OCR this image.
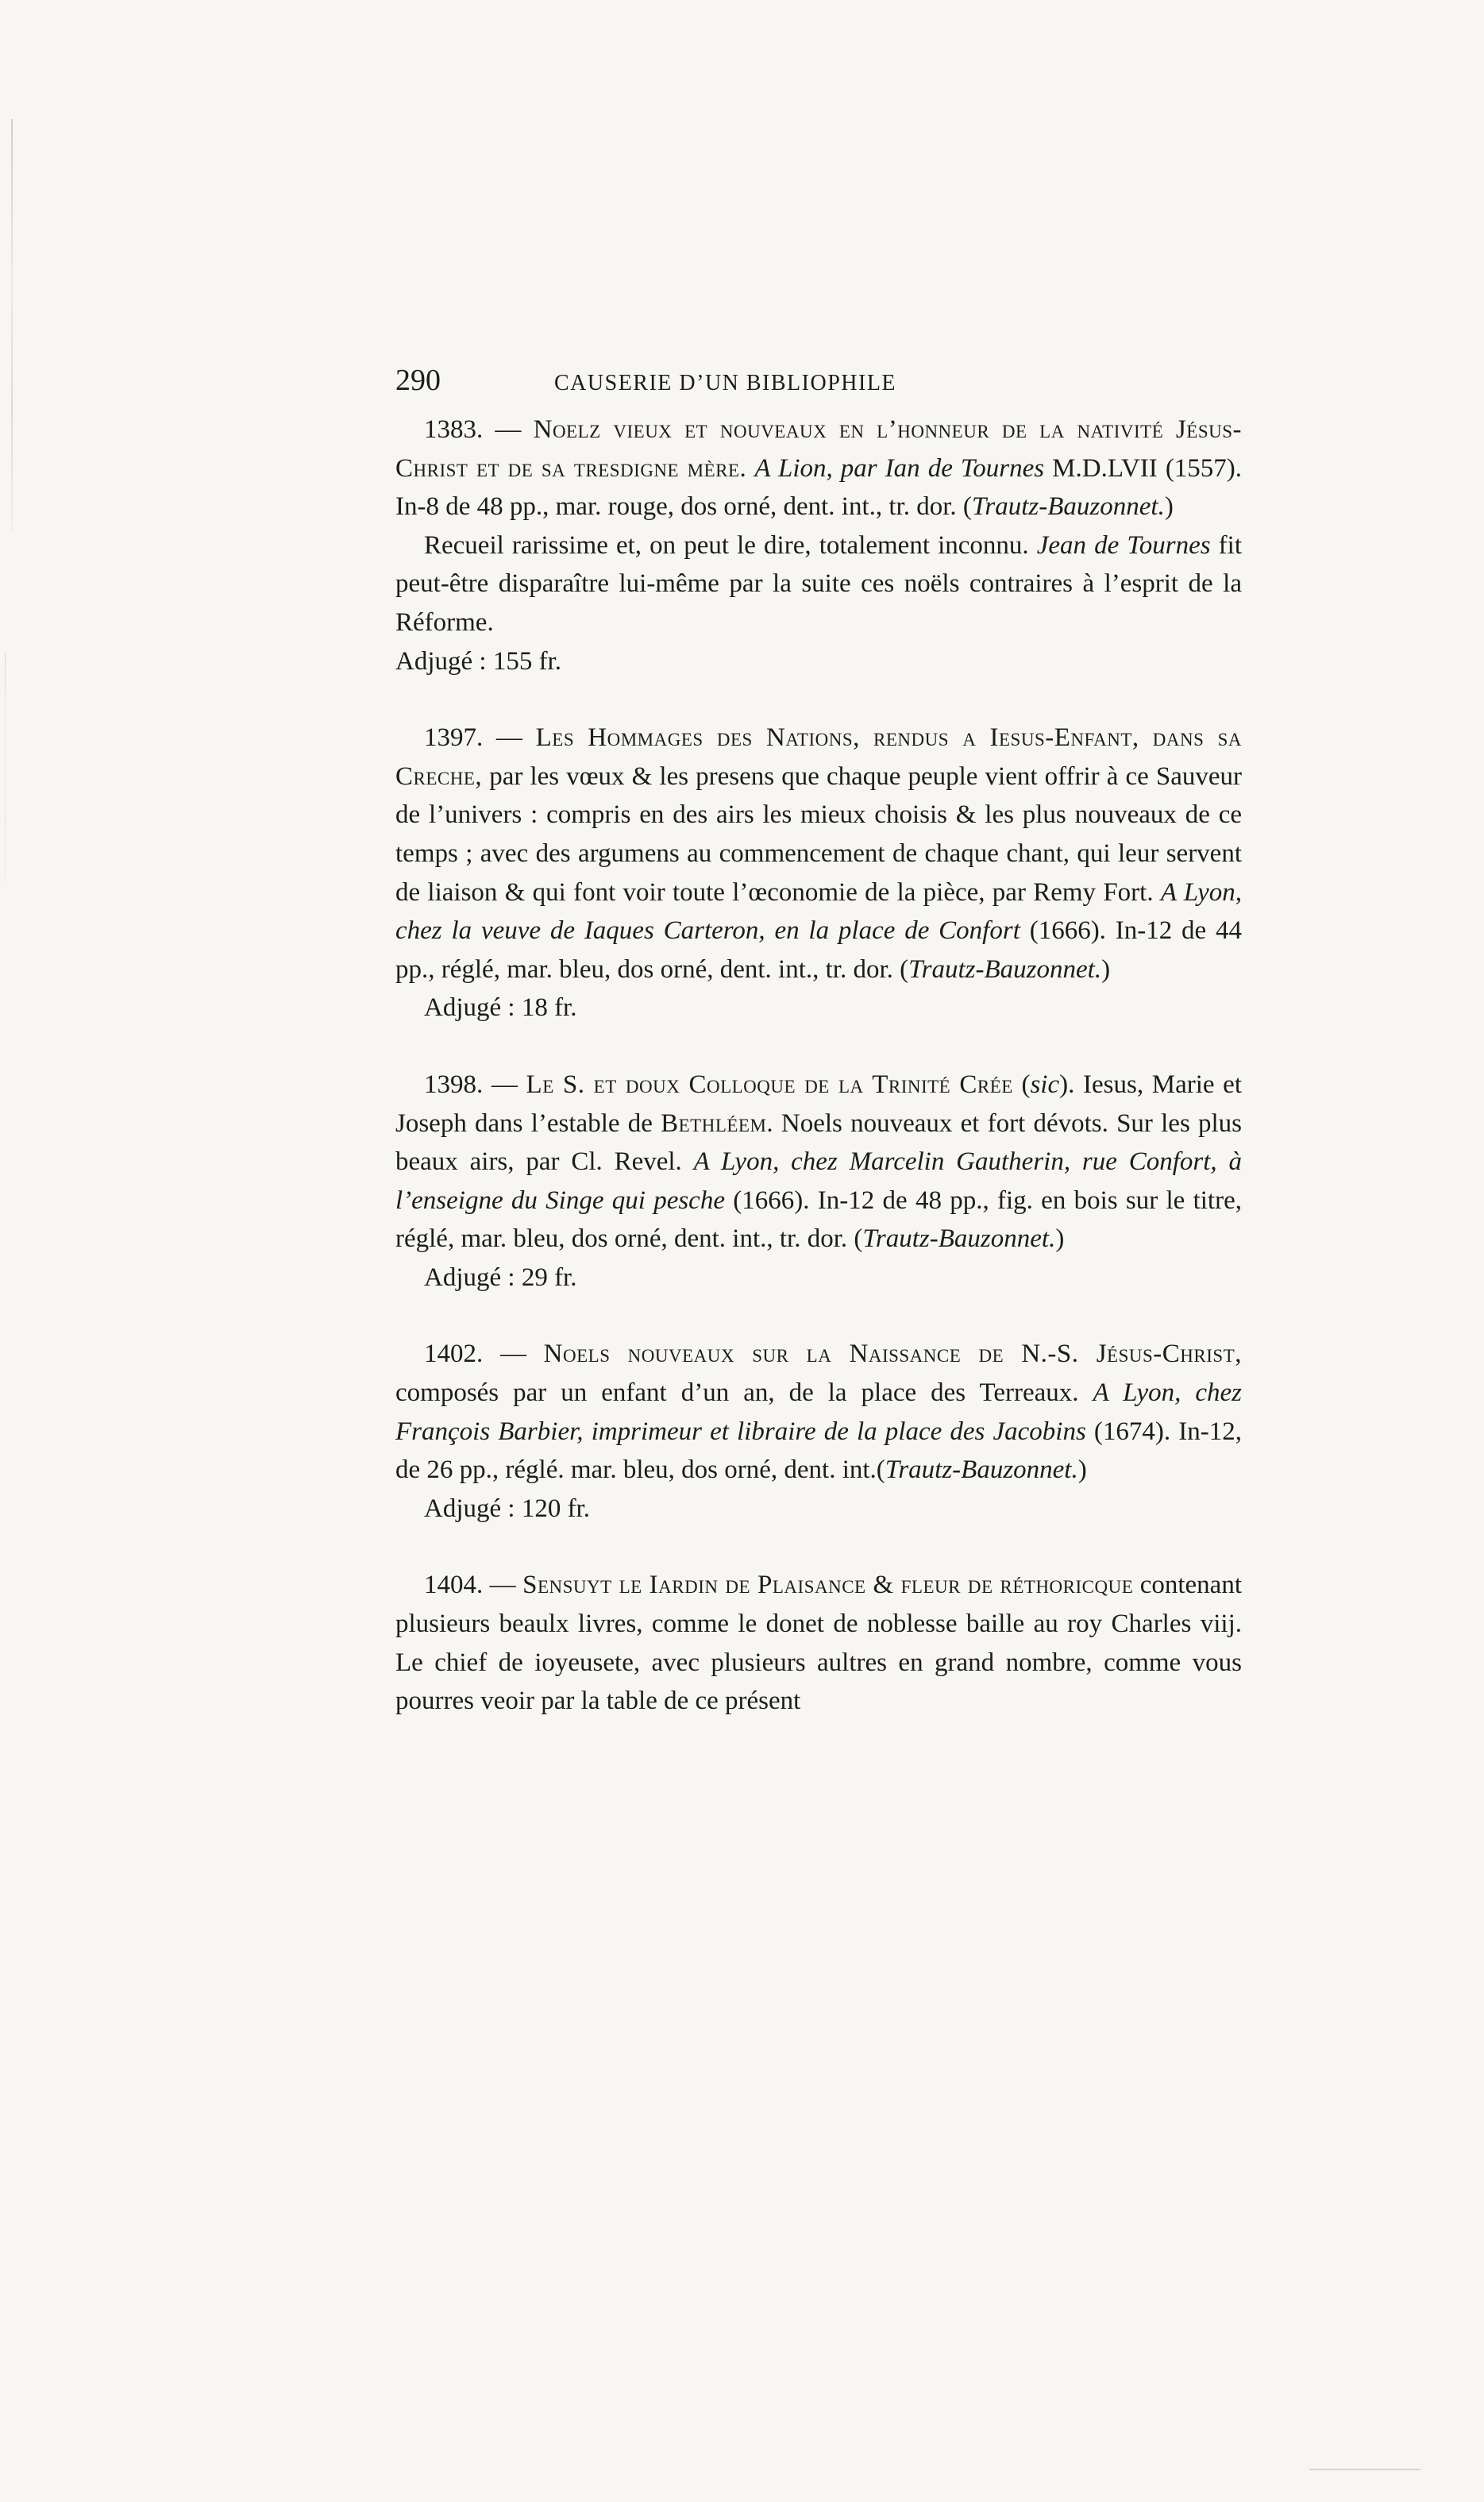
290	CAUSERIE D’UN BIBLIOPHILE
1383. — Noelz vieux et nouveaux en l’honneur de la nativité Jésus-Christ et de sa tresdigne mère. A Lion, par Ian de Tournes M.D.LVII (1557). In-8 de 48 pp., mar. rouge, dos orné, dent. int., tr. dor. (Trautz-Bauzonnet.)
Recueil rarissime et, on peut le dire, totalement inconnu. Jean de Tournes fit peut-être disparaître lui-même par la suite ces noëls contraires à l’esprit de la Réforme.
Adjugé : 155 fr.
1397. — Les Hommages des Nations, rendus a Iesus-Enfant, dans sa Creche, par les vœux & les presens que chaque peuple vient offrir à ce Sauveur de l’univers : compris en des airs les mieux choisis & les plus nouveaux de ce temps ; avec des argumens au commencement de chaque chant, qui leur servent de liaison & qui font voir toute l’œconomie de la pièce, par Remy Fort. A Lyon, chez la veuve de Iaques Carteron, en la place de Confort (1666). In-12 de 44 pp., réglé, mar. bleu, dos orné, dent. int., tr. dor. (Trautz-Bauzonnet.)
Adjugé : 18 fr.
1398. — Le S. et doux Colloque de la Trinité Crée (sic). Iesus, Marie et Joseph dans l’estable de Bethléem. Noels nouveaux et fort dévots. Sur les plus beaux airs, par Cl. Revel. A Lyon, chez Marcelin Gautherin, rue Confort, à l’enseigne du Singe qui pesche (1666). In-12 de 48 pp., fig. en bois sur le titre, réglé, mar. bleu, dos orné, dent. int., tr. dor. (Trautz-Bauzonnet.)
Adjugé : 29 fr.
1402. — Noels nouveaux sur la Naissance de N.-S. Jésus-Christ, composés par un enfant d’un an, de la place des Terreaux. A Lyon, chez François Barbier, imprimeur et libraire de la place des Jacobins (1674). In-12, de 26 pp., réglé. mar. bleu, dos orné, dent. int.(Trautz-Bauzonnet.)
Adjugé : 120 fr.
1404. — Sensuyt le Iardin de Plaisance & fleur de réthoricque contenant plusieurs beaulx livres, comme le donet de noblesse baille au roy Charles viij. Le chief de ioyeusete, avec plusieurs aultres en grand nombre, comme vous pourres veoir par la table de ce présent
